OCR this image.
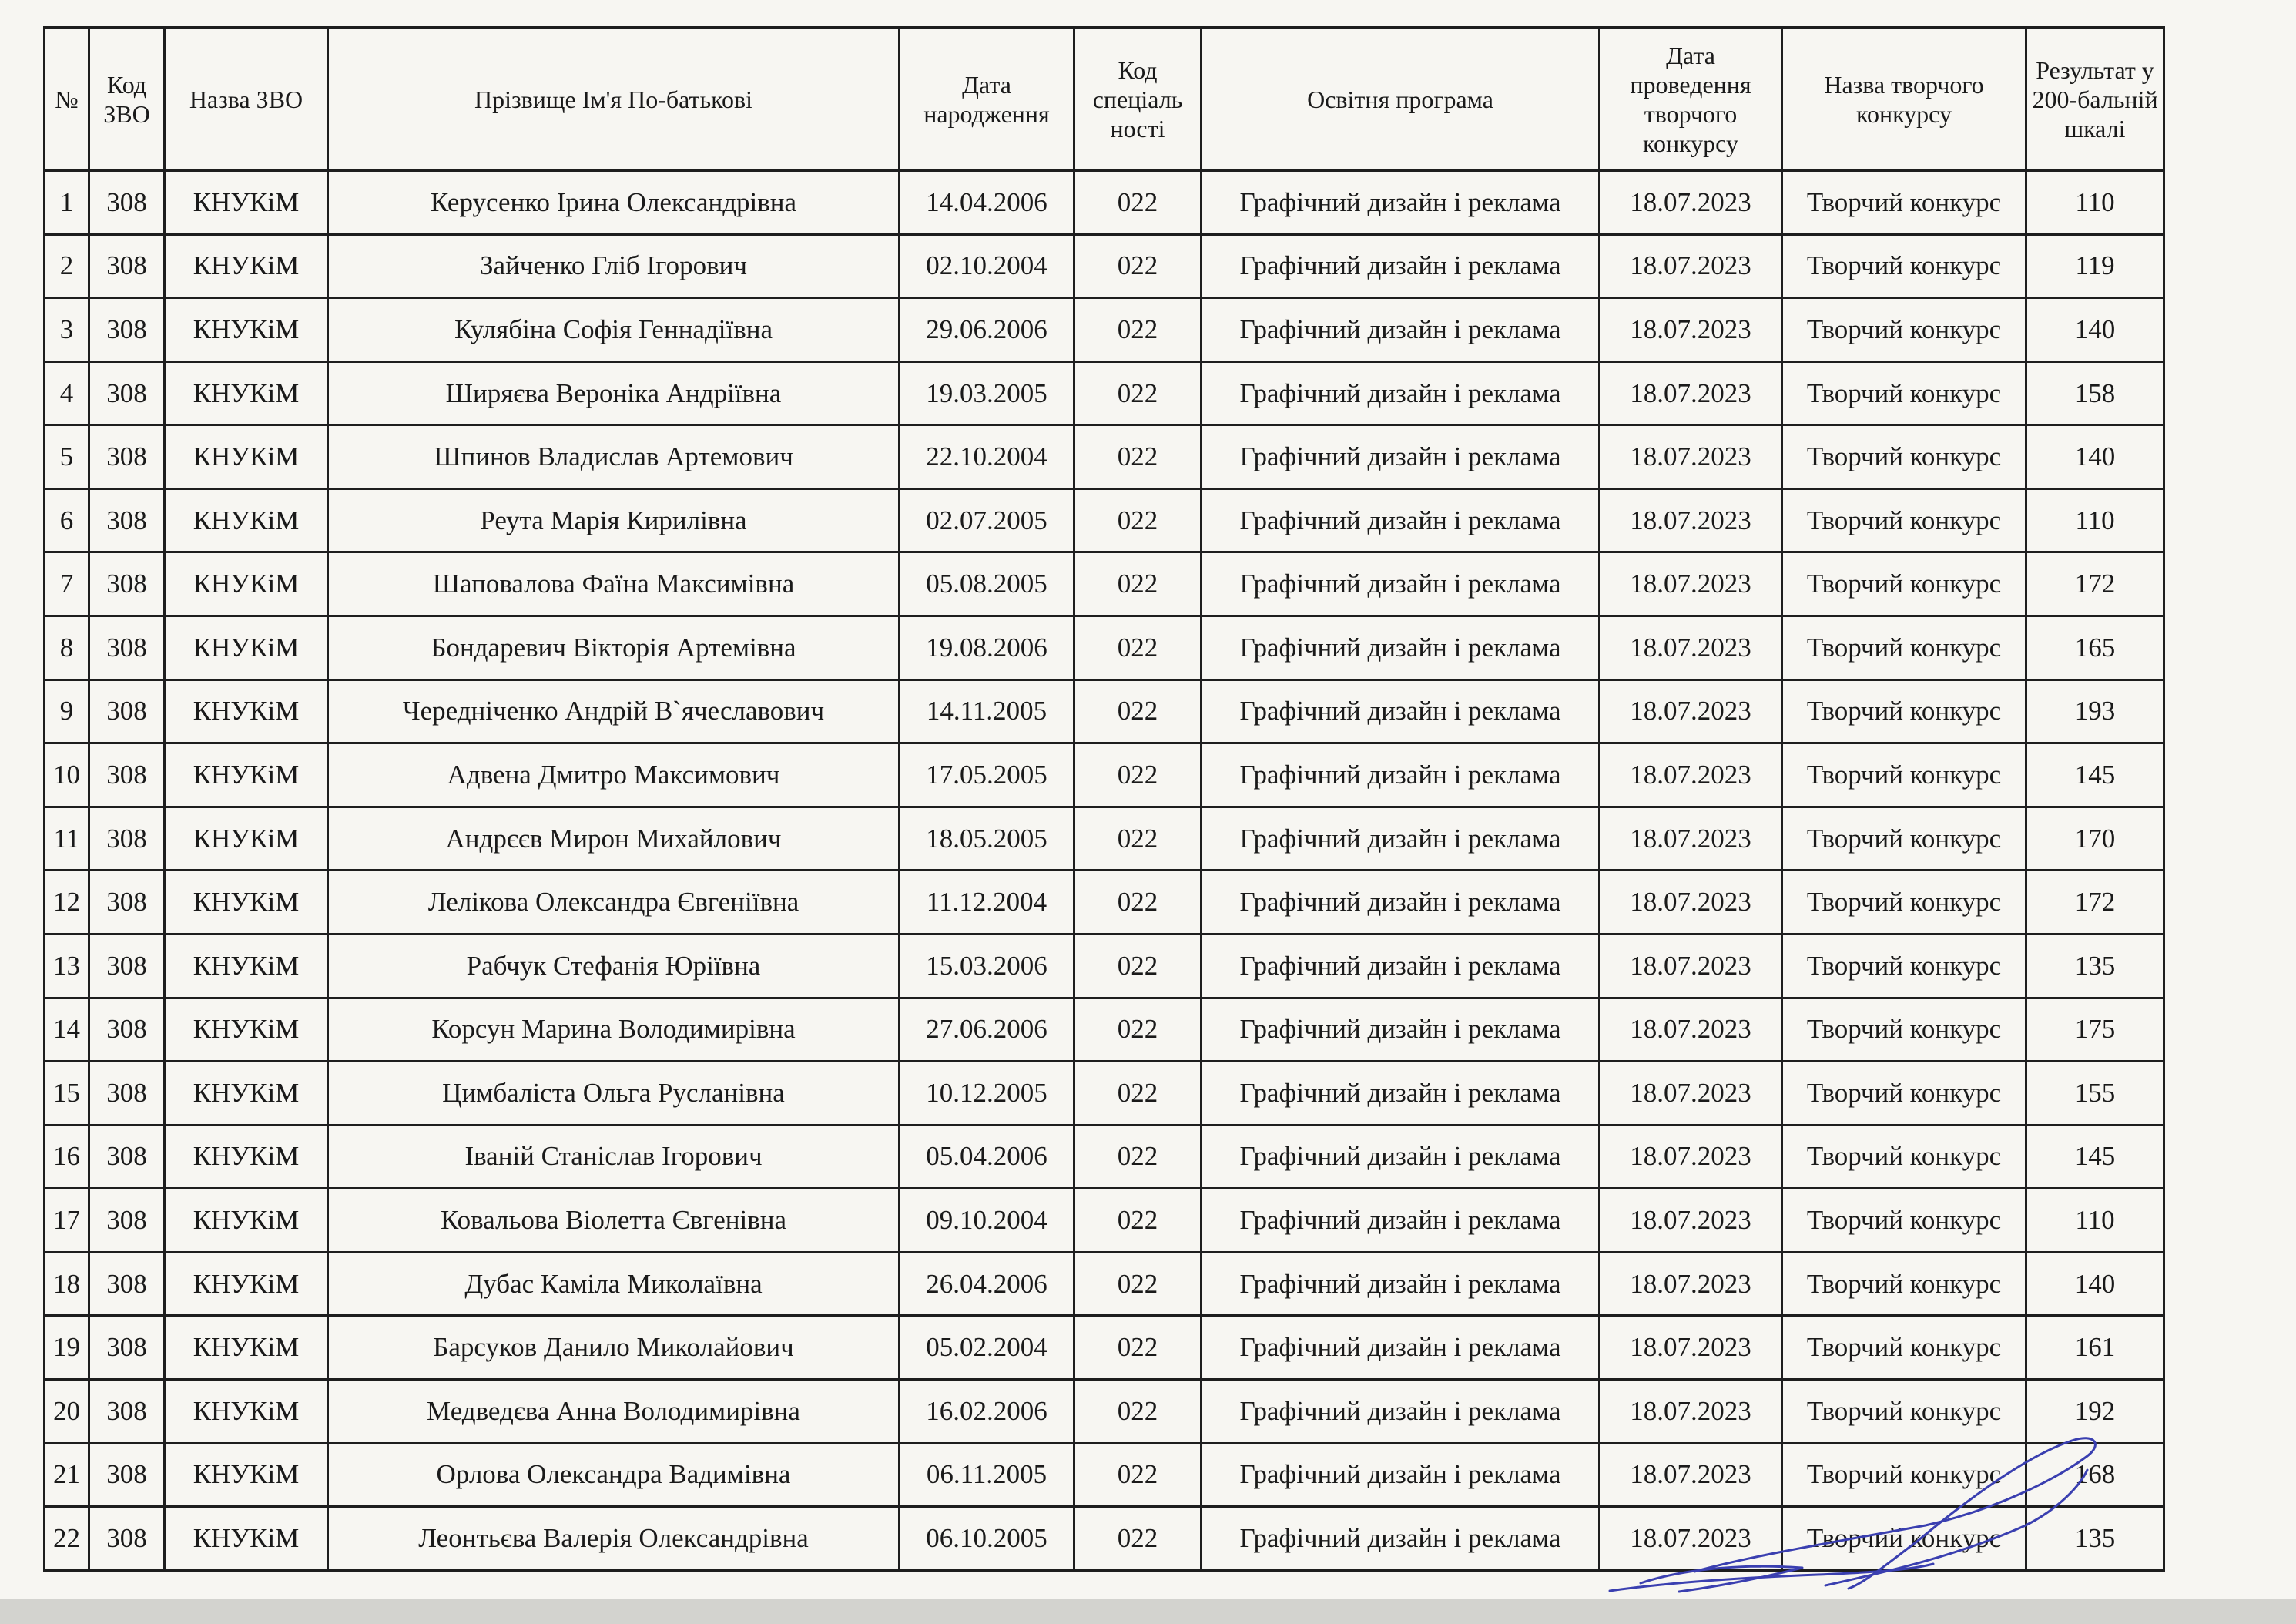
№	Код ЗВО	Назва ЗВО	Прізвище Ім'я По-батькові	Дата народження	Код спеціаль ності	Освітня програма	Дата проведення творчого конкурсу	Назва творчого конкурсу	Результат у 200-бальній шкалі
1	308	КНУКіМ	Керусенко Ірина Олександрівна	14.04.2006	022	Графічний дизайн і реклама	18.07.2023	Творчий конкурс	110
2	308	КНУКіМ	Зайченко Гліб Ігорович	02.10.2004	022	Графічний дизайн і реклама	18.07.2023	Творчий конкурс	119
3	308	КНУКіМ	Кулябіна Софія Геннадіївна	29.06.2006	022	Графічний дизайн і реклама	18.07.2023	Творчий конкурс	140
4	308	КНУКіМ	Ширяєва Вероніка Андріївна	19.03.2005	022	Графічний дизайн і реклама	18.07.2023	Творчий конкурс	158
5	308	КНУКіМ	Шпинов Владислав Артемович	22.10.2004	022	Графічний дизайн і реклама	18.07.2023	Творчий конкурс	140
6	308	КНУКіМ	Реута Марія Кирилівна	02.07.2005	022	Графічний дизайн і реклама	18.07.2023	Творчий конкурс	110
7	308	КНУКіМ	Шаповалова Фаїна Максимівна	05.08.2005	022	Графічний дизайн і реклама	18.07.2023	Творчий конкурс	172
8	308	КНУКіМ	Бондаревич Вікторія Артемівна	19.08.2006	022	Графічний дизайн і реклама	18.07.2023	Творчий конкурс	165
9	308	КНУКіМ	Чередніченко Андрій В`ячеславович	14.11.2005	022	Графічний дизайн і реклама	18.07.2023	Творчий конкурс	193
10	308	КНУКіМ	Адвена Дмитро Максимович	17.05.2005	022	Графічний дизайн і реклама	18.07.2023	Творчий конкурс	145
11	308	КНУКіМ	Андрєєв Мирон Михайлович	18.05.2005	022	Графічний дизайн і реклама	18.07.2023	Творчий конкурс	170
12	308	КНУКіМ	Лелікова Олександра Євгеніївна	11.12.2004	022	Графічний дизайн і реклама	18.07.2023	Творчий конкурс	172
13	308	КНУКіМ	Рабчук Стефанія Юріївна	15.03.2006	022	Графічний дизайн і реклама	18.07.2023	Творчий конкурс	135
14	308	КНУКіМ	Корсун Марина Володимирівна	27.06.2006	022	Графічний дизайн і реклама	18.07.2023	Творчий конкурс	175
15	308	КНУКіМ	Цимбаліста Ольга Русланівна	10.12.2005	022	Графічний дизайн і реклама	18.07.2023	Творчий конкурс	155
16	308	КНУКіМ	Іваній Станіслав Ігорович	05.04.2006	022	Графічний дизайн і реклама	18.07.2023	Творчий конкурс	145
17	308	КНУКіМ	Ковальова Віолетта Євгенівна	09.10.2004	022	Графічний дизайн і реклама	18.07.2023	Творчий конкурс	110
18	308	КНУКіМ	Дубас Каміла Миколаївна	26.04.2006	022	Графічний дизайн і реклама	18.07.2023	Творчий конкурс	140
19	308	КНУКіМ	Барсуков Данило Миколайович	05.02.2004	022	Графічний дизайн і реклама	18.07.2023	Творчий конкурс	161
20	308	КНУКіМ	Медведєва Анна Володимирівна	16.02.2006	022	Графічний дизайн і реклама	18.07.2023	Творчий конкурс	192
21	308	КНУКіМ	Орлова Олександра Вадимівна	06.11.2005	022	Графічний дизайн і реклама	18.07.2023	Творчий конкурс	168
22	308	КНУКіМ	Леонтьєва Валерія Олександрівна	06.10.2005	022	Графічний дизайн і реклама	18.07.2023	Творчий конкурс	135
